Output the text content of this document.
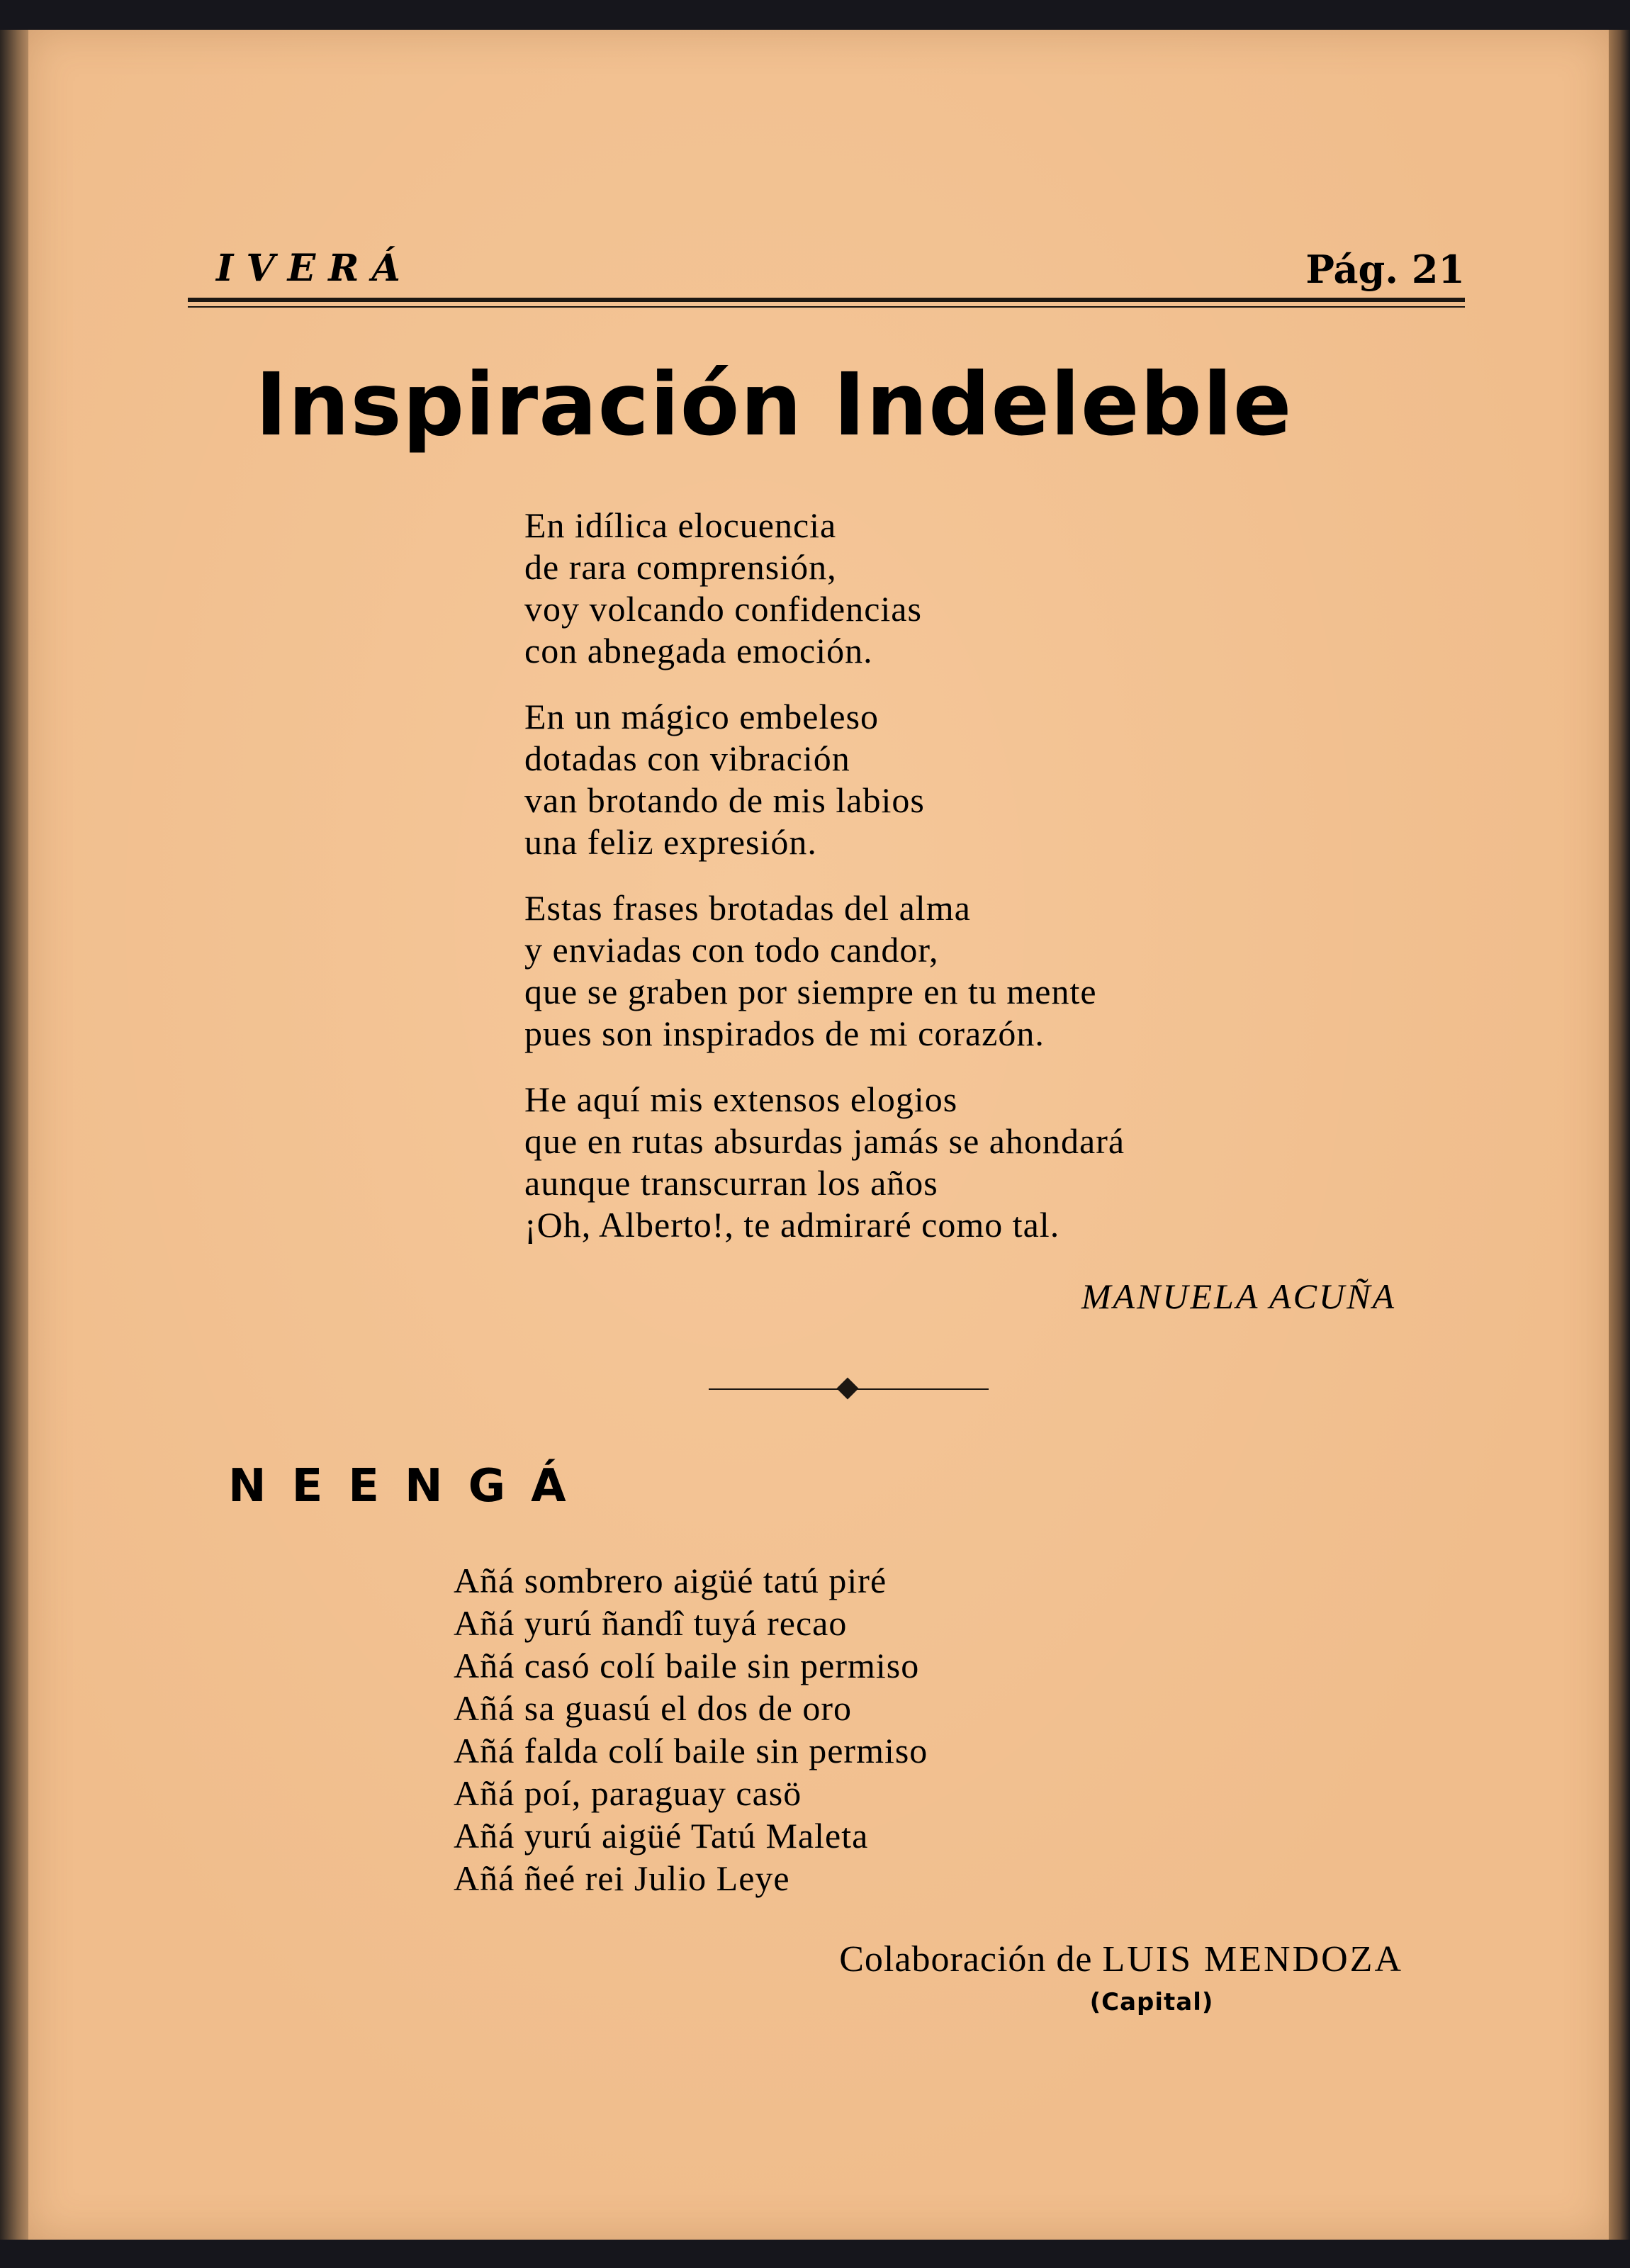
IVERÁ	Pág. 21
Inspiración Indeleble
En idílica elocuencia
de rara comprensión,
voy volcando confidencias
con abnegada emoción.
En un mágico embeleso
dotadas con vibración
van brotando de mis labios
una feliz expresión.
Estas frases brotadas del alma
y enviadas con todo candor,
que se graben por siempre en tu mente
pues son inspirados de mi corazón.
He aquí mis extensos elogios
que en rutas absurdas jamás se ahondará
aunque transcurran los años
¡Oh, Alberto!, te admiraré como tal.
MANUELA ACUÑA
NEENGÁ
Añá sombrero aigüé tatú piré
Añá yurú ñandî tuyá recao
Añá casó colí baile sin permiso
Añá sa guasú el dos de oro
Añá falda colí baile sin permiso
Añá poí, paraguay casö
Añá yurú aigüé Tatú Maleta
Añá ñeé rei Julio Leye
Colaboración de LUIS MENDOZA
(Capital)
